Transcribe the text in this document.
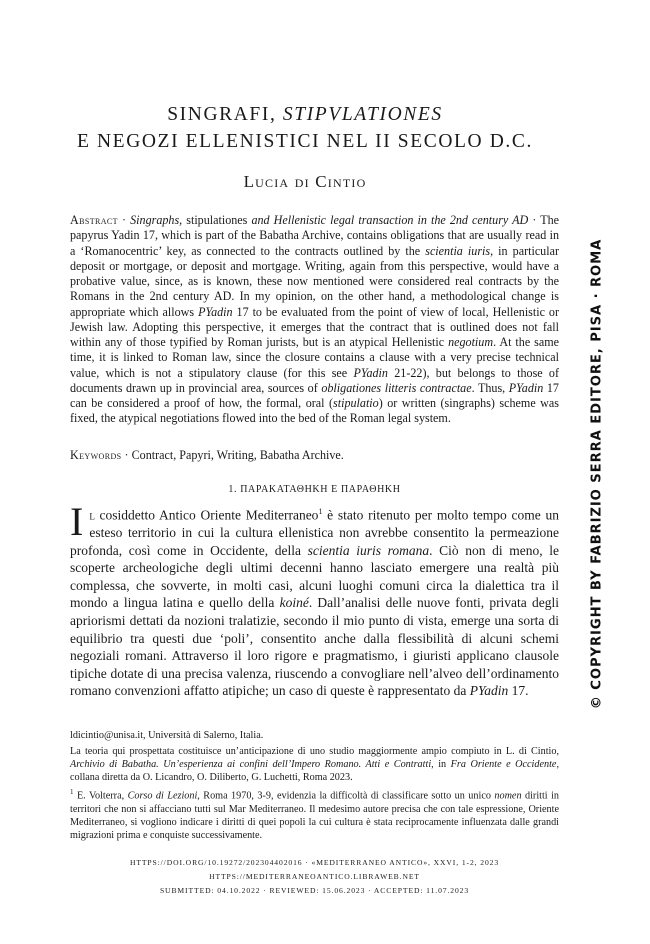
SINGRAFI, STIPVLATIONES
E NEGOZI ELLENISTICI NEL II SECOLO D.C.
Lucia di Cintio
Abstract · Singraphs, stipulationes and Hellenistic legal transaction in the 2nd century AD · The papyrus Yadin 17, which is part of the Babatha Archive, contains obligations that are usually read in a ‘Romanocentric’ key, as connected to the contracts outlined by the scientia iuris, in particular deposit or mortgage, or deposit and mortgage. Writing, again from this perspective, would have a probative value, since, as is known, these now mentioned were considered real contracts by the Romans in the 2nd century AD. In my opinion, on the other hand, a methodological change is appropriate which allows PYadin 17 to be evaluated from the point of view of local, Hellenistic or Jewish law. Adopting this perspective, it emerges that the contract that is outlined does not fall within any of those typified by Roman jurists, but is an atypical Hellenistic negotium. At the same time, it is linked to Roman law, since the closure contains a clause with a very precise technical value, which is not a stipulatory clause (for this see PYadin 21-22), but belongs to those of documents drawn up in provincial area, sources of obligationes litteris contractae. Thus, PYadin 17 can be considered a proof of how, the formal, oral (stipulatio) or written (singraphs) scheme was fixed, the atypical negotiations flowed into the bed of the Roman legal system.
Keywords · Contract, Papyri, Writing, Babatha Archive.
1. ΠΑΡΑΚΑΤΑΘΗΚΗ Ε ΠΑΡΑΘΗΚΗ
Il cosiddetto Antico Oriente Mediterraneo$^1$ è stato ritenuto per molto tempo come un esteso territorio in cui la cultura ellenistica non avrebbe consentito la permeazione profonda, così come in Occidente, della scientia iuris romana. Ciò non di meno, le scoperte archeologiche degli ultimi decenni hanno lasciato emergere una realtà più complessa, che sovverte, in molti casi, alcuni luoghi comuni circa la dialettica tra il mondo a lingua latina e quello della koiné. Dall’analisi delle nuove fonti, privata degli apriorismi dettati da nozioni tralatizie, secondo il mio punto di vista, emerge una sorta di equilibrio tra questi due ‘poli’, consentito anche dalla flessibilità di alcuni schemi negoziali romani. Attraverso il loro rigore e pragmatismo, i giuristi applicano clausole tipiche dotate di una precisa valenza, riuscendo a convogliare nell’alveo dell’ordinamento romano convenzioni affatto atipiche; un caso di queste è rappresentato da PYadin 17.
ldicintio@unisa.it, Università di Salerno, Italia.
La teoria qui prospettata costituisce un’anticipazione di uno studio maggiormente ampio compiuto in L. di Cintio, Archivio di Babatha. Un’esperienza ai confini dell’Impero Romano. Atti e Contratti, in Fra Oriente e Occidente, collana diretta da O. Licandro, O. Diliberto, G. Luchetti, Roma 2023.
$^1$ E. Volterra, Corso di Lezioni, Roma 1970, 3-9, evidenzia la difficoltà di classificare sotto un unico nomen diritti in territori che non si affacciano tutti sul Mar Mediterraneo. Il medesimo autore precisa che con tale espressione, Oriente Mediterraneo, si vogliono indicare i diritti di quei popoli la cui cultura è stata reciprocamente influenzata dalle grandi migrazioni prima e conquiste successivamente.
HTTPS://DOI.ORG/10.19272/202304402016 · «MEDITERRANEO ANTICO», XXVI, 1-2, 2023
HTTPS://MEDITERRANEOANTICO.LIBRAWEB.NET
SUBMITTED: 04.10.2022 · REVIEWED: 15.06.2023 · ACCEPTED: 11.07.2023
© COPYRIGHT BY FABRIZIO SERRA EDITORE, PISA · ROMA
